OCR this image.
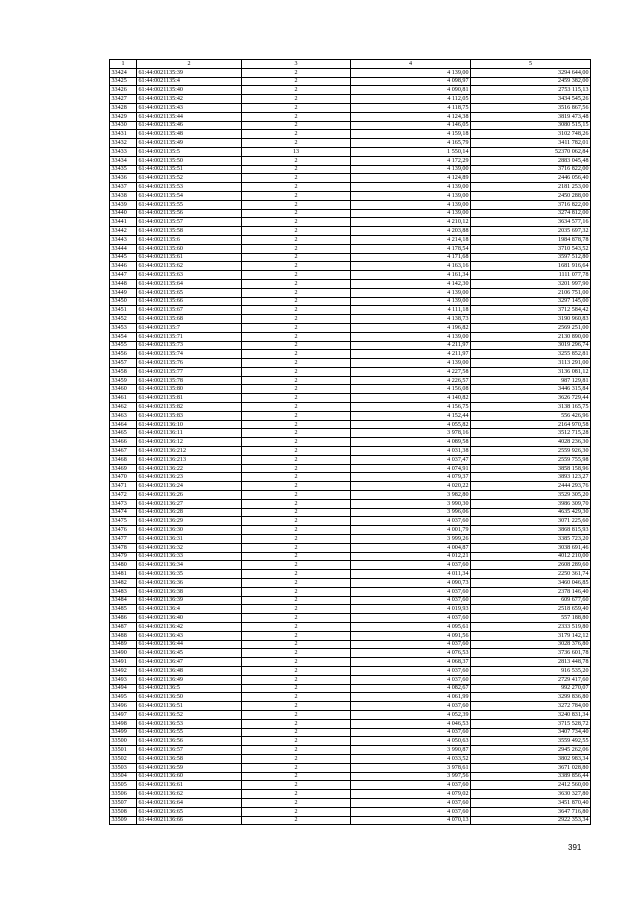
1	2	3	4	5
33424	61:44:0021135:39	2	4 139,00	3294 644,00
33425	61:44:0021135:4	2	4 098,97	2459 382,00
33426	61:44:0021135:40	2	4 090,81	2753 115,13
33427	61:44:0021135:42	2	4 112,05	3434 545,26
33428	61:44:0021135:43	2	4 118,75	3516 867,56
33429	61:44:0021135:44	2	4 124,38	3819 473,48
33430	61:44:0021135:46	2	4 146,05	3080 515,15
33431	61:44:0021135:48	2	4 159,18	3102 748,26
33432	61:44:0021135:49	2	4 165,79	3411 782,01
33433	61:44:0021135:5	13	1 550,14	52370 062,84
33434	61:44:0021135:50	2	4 172,29	2883 045,48
33435	61:44:0021135:51	2	4 139,00	3716 822,00
33436	61:44:0021135:52	2	4 124,89	2446 056,40
33437	61:44:0021135:53	2	4 139,00	2181 253,00
33438	61:44:0021135:54	2	4 139,00	2450 288,00
33439	61:44:0021135:55	2	4 139,00	3716 822,00
33440	61:44:0021135:56	2	4 139,00	3274 812,00
33441	61:44:0021135:57	2	4 210,12	3634 577,16
33442	61:44:0021135:58	2	4 203,88	2035 697,32
33443	61:44:0021135:6	2	4 214,18	1984 878,78
33444	61:44:0021135:60	2	4 178,54	3710 543,52
33445	61:44:0021135:61	2	4 171,68	3597 512,80
33446	61:44:0021135:62	2	4 163,16	1681 916,64
33447	61:44:0021135:63	2	4 161,34	1111 077,78
33448	61:44:0021135:64	2	4 142,30	3201 997,90
33449	61:44:0021135:65	2	4 139,00	2106 751,00
33450	61:44:0021135:66	2	4 139,00	3297 145,00
33451	61:44:0021135:67	2	4 111,18	3712 584,42
33452	61:44:0021135:68	2	4 138,73	3190 960,83
33453	61:44:0021135:7	2	4 196,82	2569 251,00
33454	61:44:0021135:71	2	4 139,00	2130 890,00
33455	61:44:0021135:73	2	4 211,97	3019 296,74
33456	61:44:0021135:74	2	4 211,97	3255 852,81
33457	61:44:0021135:76	2	4 139,00	3113 291,00
33458	61:44:0021135:77	2	4 227,58	3136 081,12
33459	61:44:0021135:78	2	4 226,57	987 129,81
33460	61:44:0021135:80	2	4 156,08	3446 315,84
33461	61:44:0021135:81	2	4 140,82	3626 729,44
33462	61:44:0021135:82	2	4 156,75	3138 165,75
33463	61:44:0021135:83	2	4 152,44	556 426,96
33464	61:44:0021136:10	2	4 055,82	2164 970,58
33465	61:44:0021136:11	2	3 978,16	3512 715,28
33466	61:44:0021136:12	2	4 089,58	4028 236,30
33467	61:44:0021136:212	2	4 031,38	2559 926,30
33468	61:44:0021136:213	2	4 037,47	2559 755,98
33469	61:44:0021136:22	2	4 074,91	3858 158,96
33470	61:44:0021136:23	2	4 079,37	3893 123,27
33471	61:44:0021136:24	2	4 020,22	2444 293,76
33472	61:44:0021136:26	2	3 982,80	3529 305,20
33473	61:44:0021136:27	2	3 990,30	3986 309,70
33474	61:44:0021136:28	2	3 996,06	4635 429,30
33475	61:44:0021136:29	2	4 037,60	3071 225,60
33476	61:44:0021136:30	2	4 001,79	3868 815,93
33477	61:44:0021136:31	2	3 999,26	3385 723,20
33478	61:44:0021136:32	2	4 004,87	3038 691,46
33479	61:44:0021136:33	2	4 012,21	4012 210,00
33480	61:44:0021136:34	2	4 037,60	2608 289,60
33481	61:44:0021136:35	2	4 011,34	2250 361,74
33482	61:44:0021136:36	2	4 090,73	3460 046,85
33483	61:44:0021136:38	2	4 037,60	2378 146,40
33484	61:44:0021136:39	2	4 037,60	609 677,60
33485	61:44:0021136:4	2	4 019,93	2518 659,40
33486	61:44:0021136:40	2	4 037,60	557 188,80
33487	61:44:0021136:42	2	4 095,61	2333 519,80
33488	61:44:0021136:43	2	4 091,56	3179 142,12
33489	61:44:0021136:44	2	4 037,60	3028 376,80
33490	61:44:0021136:45	2	4 076,53	3736 601,78
33491	61:44:0021136:47	2	4 068,37	2813 448,78
33492	61:44:0021136:48	2	4 037,60	916 535,20
33493	61:44:0021136:49	2	4 037,60	2729 417,60
33494	61:44:0021136:5	2	4 082,67	992 270,07
33495	61:44:0021136:50	2	4 061,99	3299 836,80
33496	61:44:0021136:51	2	4 037,60	3272 784,00
33497	61:44:0021136:52	2	4 052,39	3240 831,34
33498	61:44:0021136:53	2	4 046,53	3715 528,72
33499	61:44:0021136:55	2	4 037,60	3407 734,40
33500	61:44:0021136:56	2	4 050,63	3559 492,55
33501	61:44:0021136:57	2	3 990,87	2945 262,06
33502	61:44:0021136:58	2	4 033,52	3802 983,34
33503	61:44:0021136:59	2	3 978,61	3671 028,80
33504	61:44:0021136:60	2	3 997,56	3389 856,44
33505	61:44:0021136:61	2	4 037,60	2412 560,00
33506	61:44:0021136:62	2	4 079,02	3630 327,80
33507	61:44:0021136:64	2	4 037,60	3451 870,40
33508	61:44:0021136:65	2	4 037,60	3647 716,80
33509	61:44:0021136:66	2	4 070,13	2922 353,34
391
